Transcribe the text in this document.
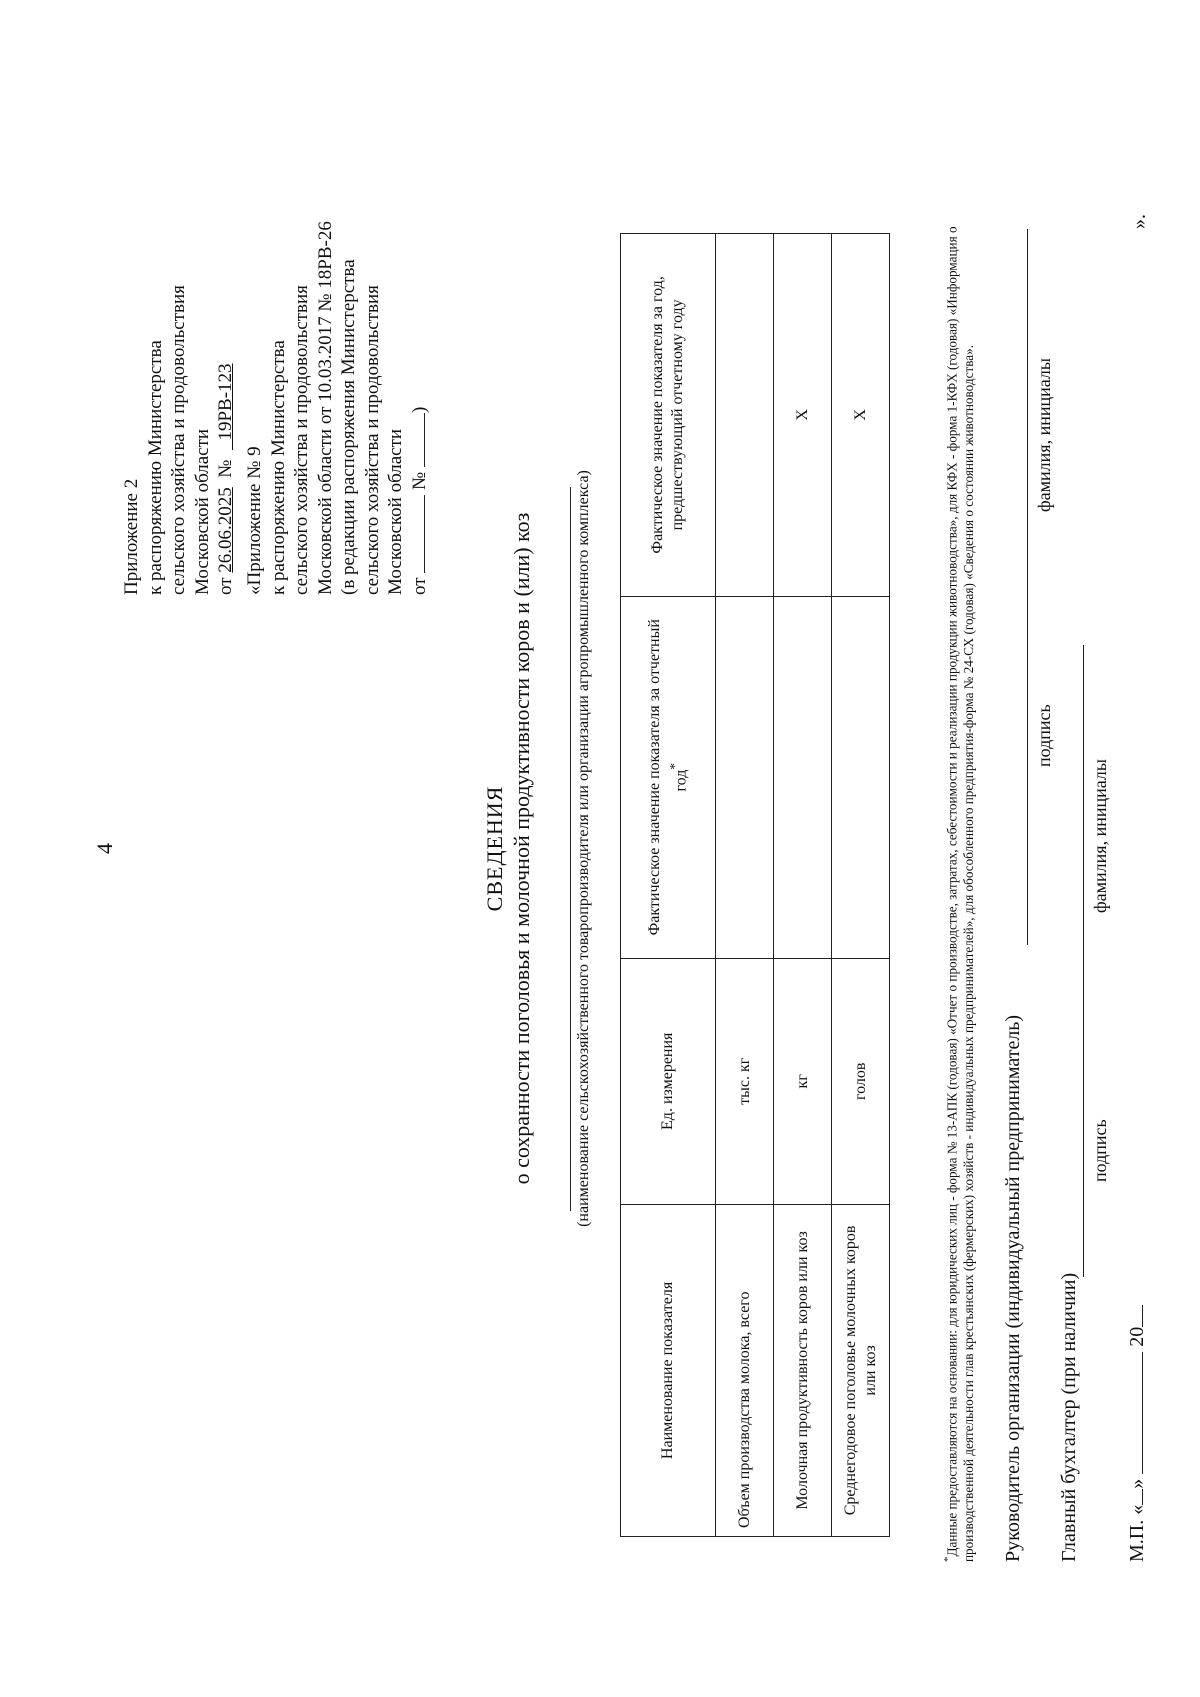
4
Приложение 2 к распоряжению Министерства сельского хозяйства и продовольствия Московской области от 26.06.2025  №    19РВ-123
«Приложение № 9 к распоряжению Министерства сельского хозяйства и продовольствия Московской области от 10.03.2017 № 18РВ-26 (в редакции распоряжения Министерства сельского хозяйства и продовольствия Московской области от  № )
СВЕДЕНИЯ о сохранности поголовья и молочной продуктивности коров и (или) коз	(наименование сельскохозяйственного товаропроизводителя или организации агропромышленного комплекса)
Наименование показателя	Ед. измерения	Фактическое значение показателя за отчетный год*	Фактическое значение показателя за год, предшествующий отчетному году
Объем производства молока, всего	тыс. кг		
Молочная продуктивность коров или коз	кг		Х
Среднегодовое поголовье молочных коров или коз	голов		Х
*Данные предоставляются на основании: для юридических лиц - форма № 13-АПК (годовая) «Отчет о производстве, затратах, себестоимости и реализации продукции животноводства», для КФХ - форма 1-КФХ (годовая) «Информация о производственной деятельности глав крестьянских (фермерских) хозяйств - индивидуальных предпринимателей», для обособленного предприятия-форма № 24-СХ (годовая) «Сведения о состоянии животноводства». Руководитель организации (индивидуальный предприниматель)
подпись
фамилия, инициалы
Главный бухгалтер (при наличии)
подпись
фамилия, инициалы
М.П. «»  20
».
